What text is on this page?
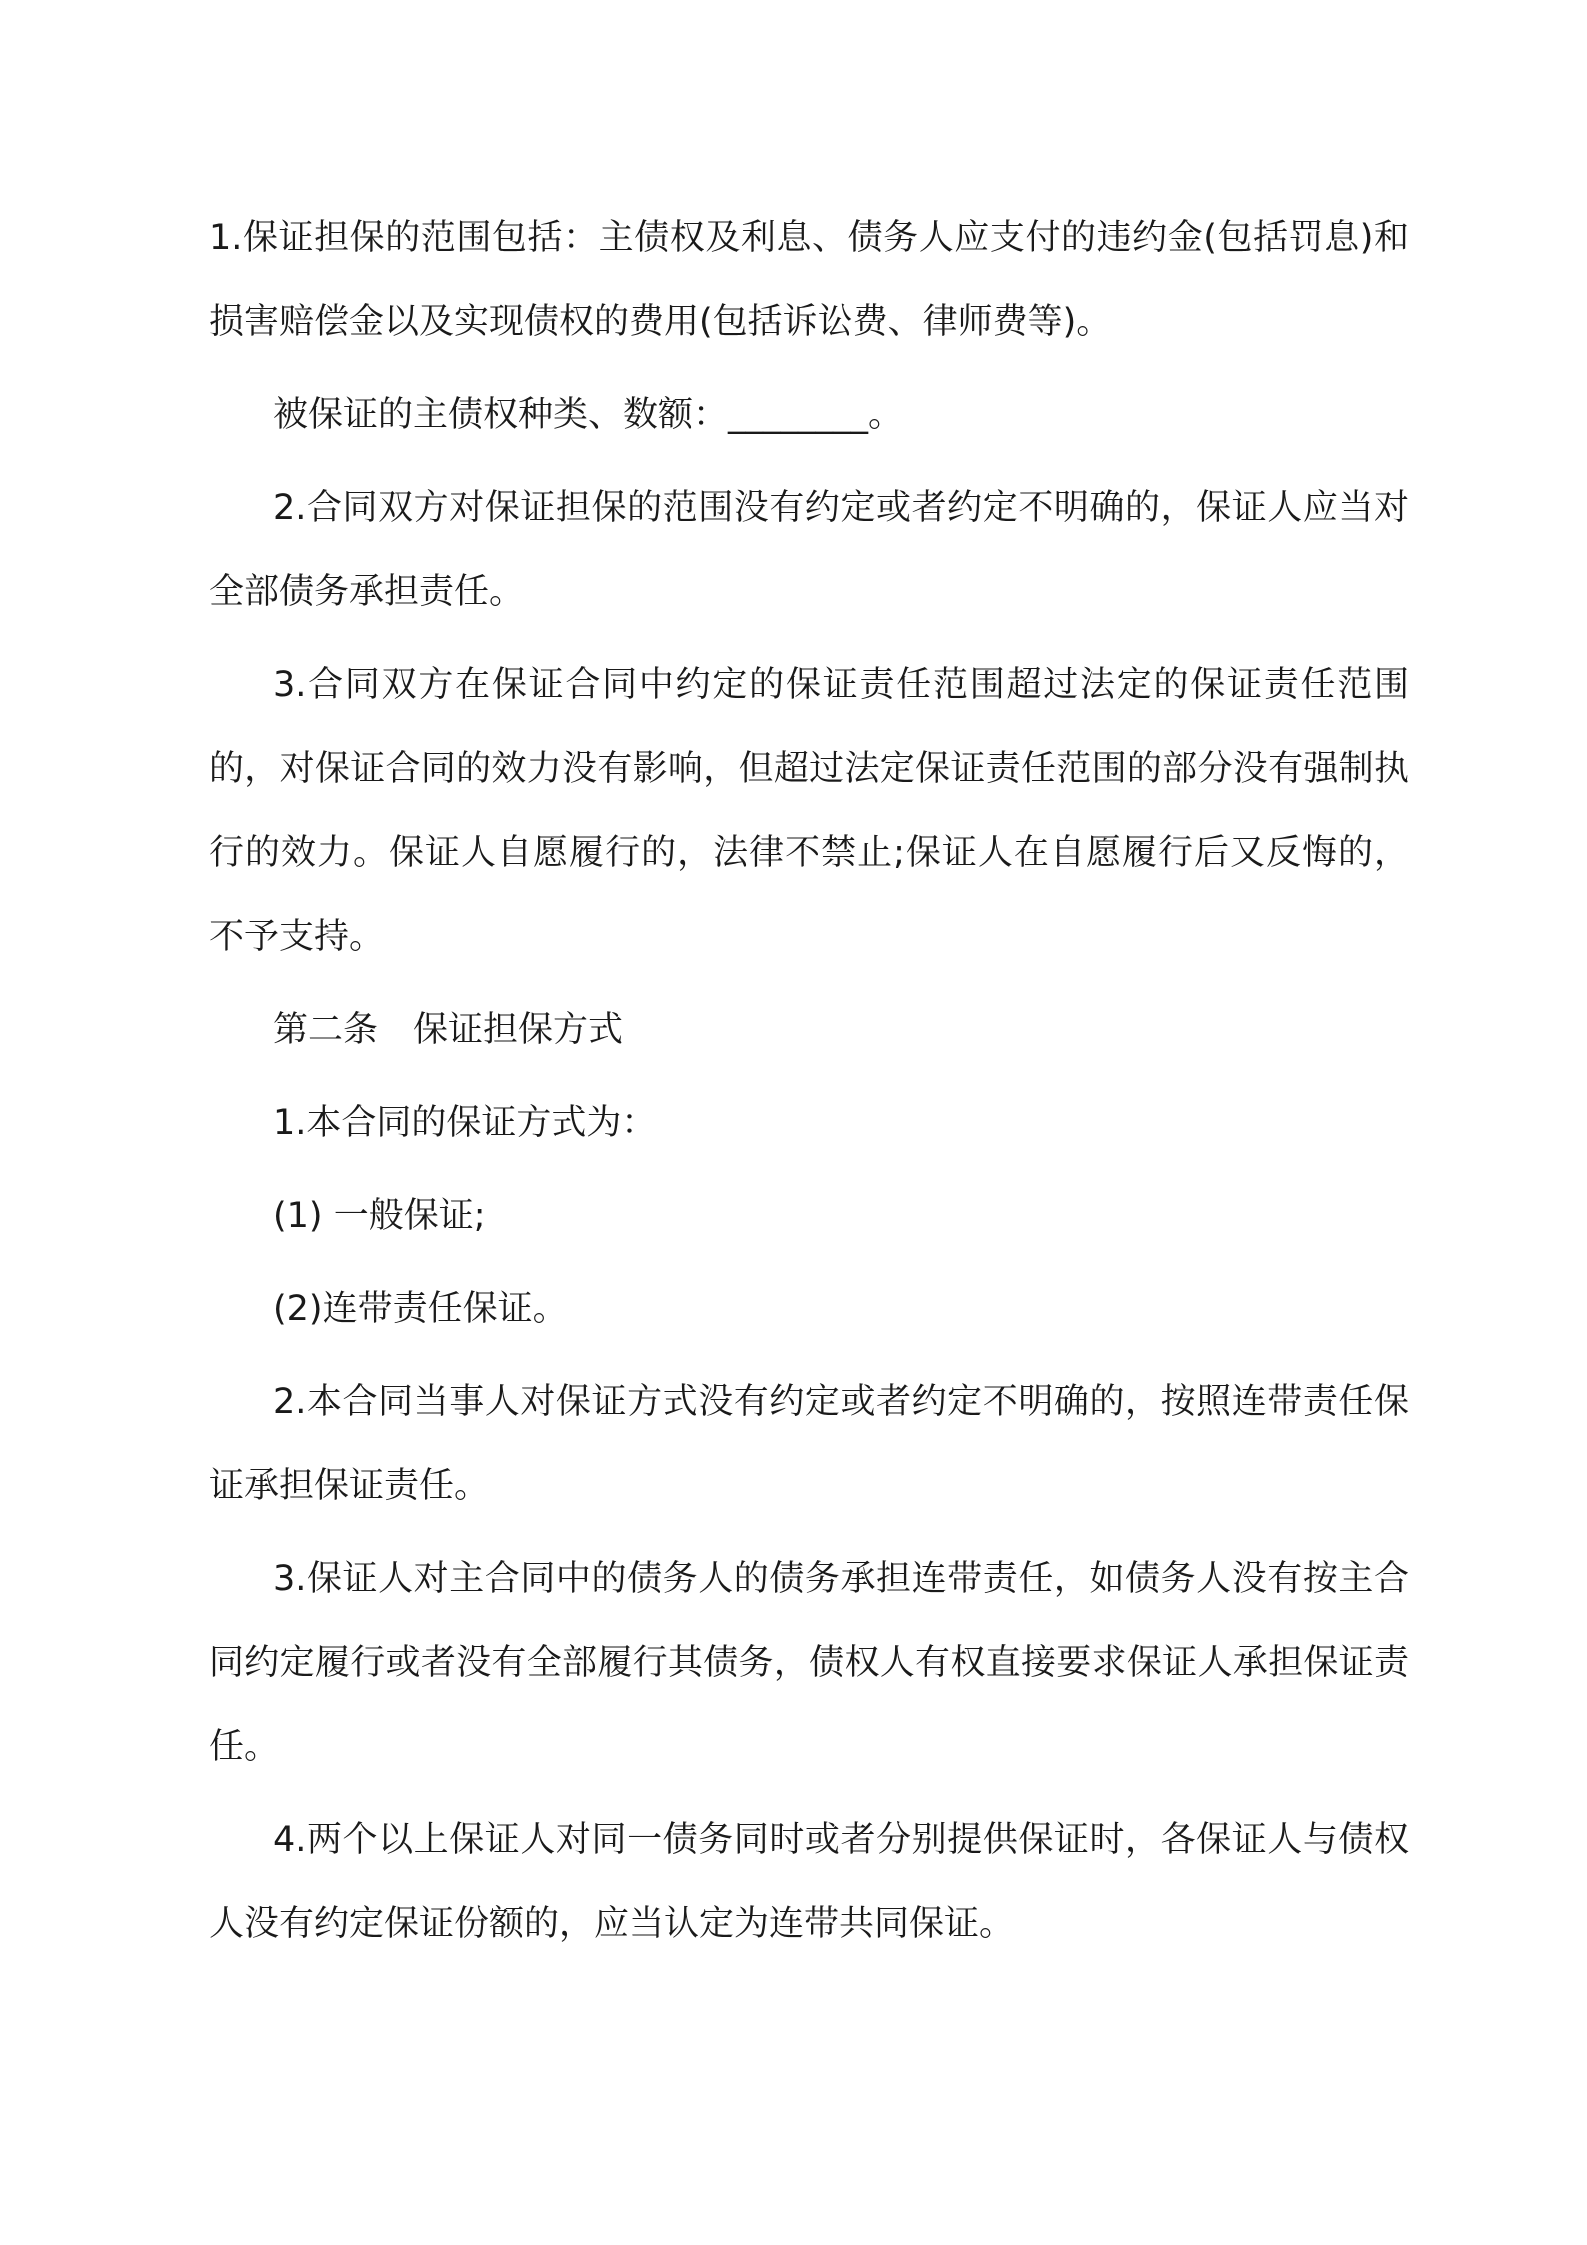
1.保证担保的范围包括：主债权及利息、债务人应支付的违约金(包括罚息)和损害赔偿金以及实现债权的费用(包括诉讼费、律师费等)。

被保证的主债权种类、数额：________。

2.合同双方对保证担保的范围没有约定或者约定不明确的，保证人应当对全部债务承担责任。

3.合同双方在保证合同中约定的保证责任范围超过法定的保证责任范围的，对保证合同的效力没有影响，但超过法定保证责任范围的部分没有强制执行的效力。保证人自愿履行的，法律不禁止;保证人在自愿履行后又反悔的，不予支持。

第二条　保证担保方式

1.本合同的保证方式为：

(1) 一般保证;

(2)连带责任保证。

2.本合同当事人对保证方式没有约定或者约定不明确的，按照连带责任保证承担保证责任。

3.保证人对主合同中的债务人的债务承担连带责任，如债务人没有按主合同约定履行或者没有全部履行其债务，债权人有权直接要求保证人承担保证责任。

4.两个以上保证人对同一债务同时或者分别提供保证时，各保证人与债权人没有约定保证份额的，应当认定为连带共同保证。
